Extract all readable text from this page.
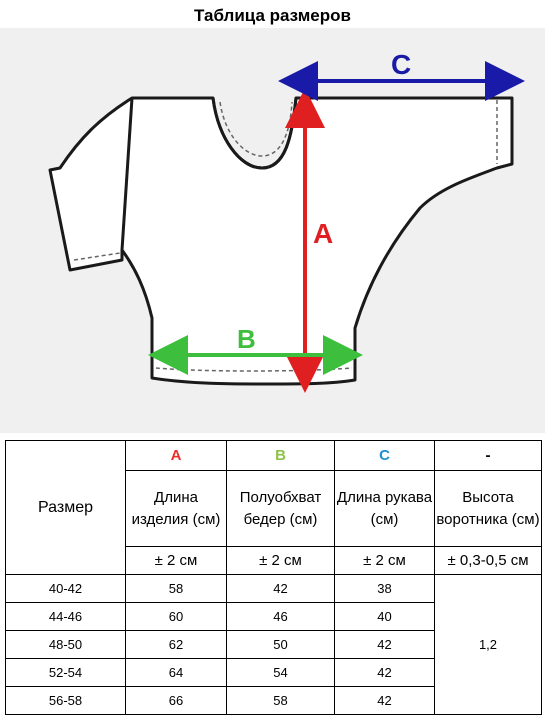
Таблица размеров
A
B
C
Размер	A	B	C	-
	Длина изделия (см)	Полуобхват бедер (см)	Длина рукава (см)	Высота воротника (см)
	± 2 см	± 2 см	± 2 см	± 0,3-0,5 см
40-42	58	42	38	1,2
44-46	60	46	40	
48-50	62	50	42	
52-54	64	54	42	
56-58	66	58	42	
